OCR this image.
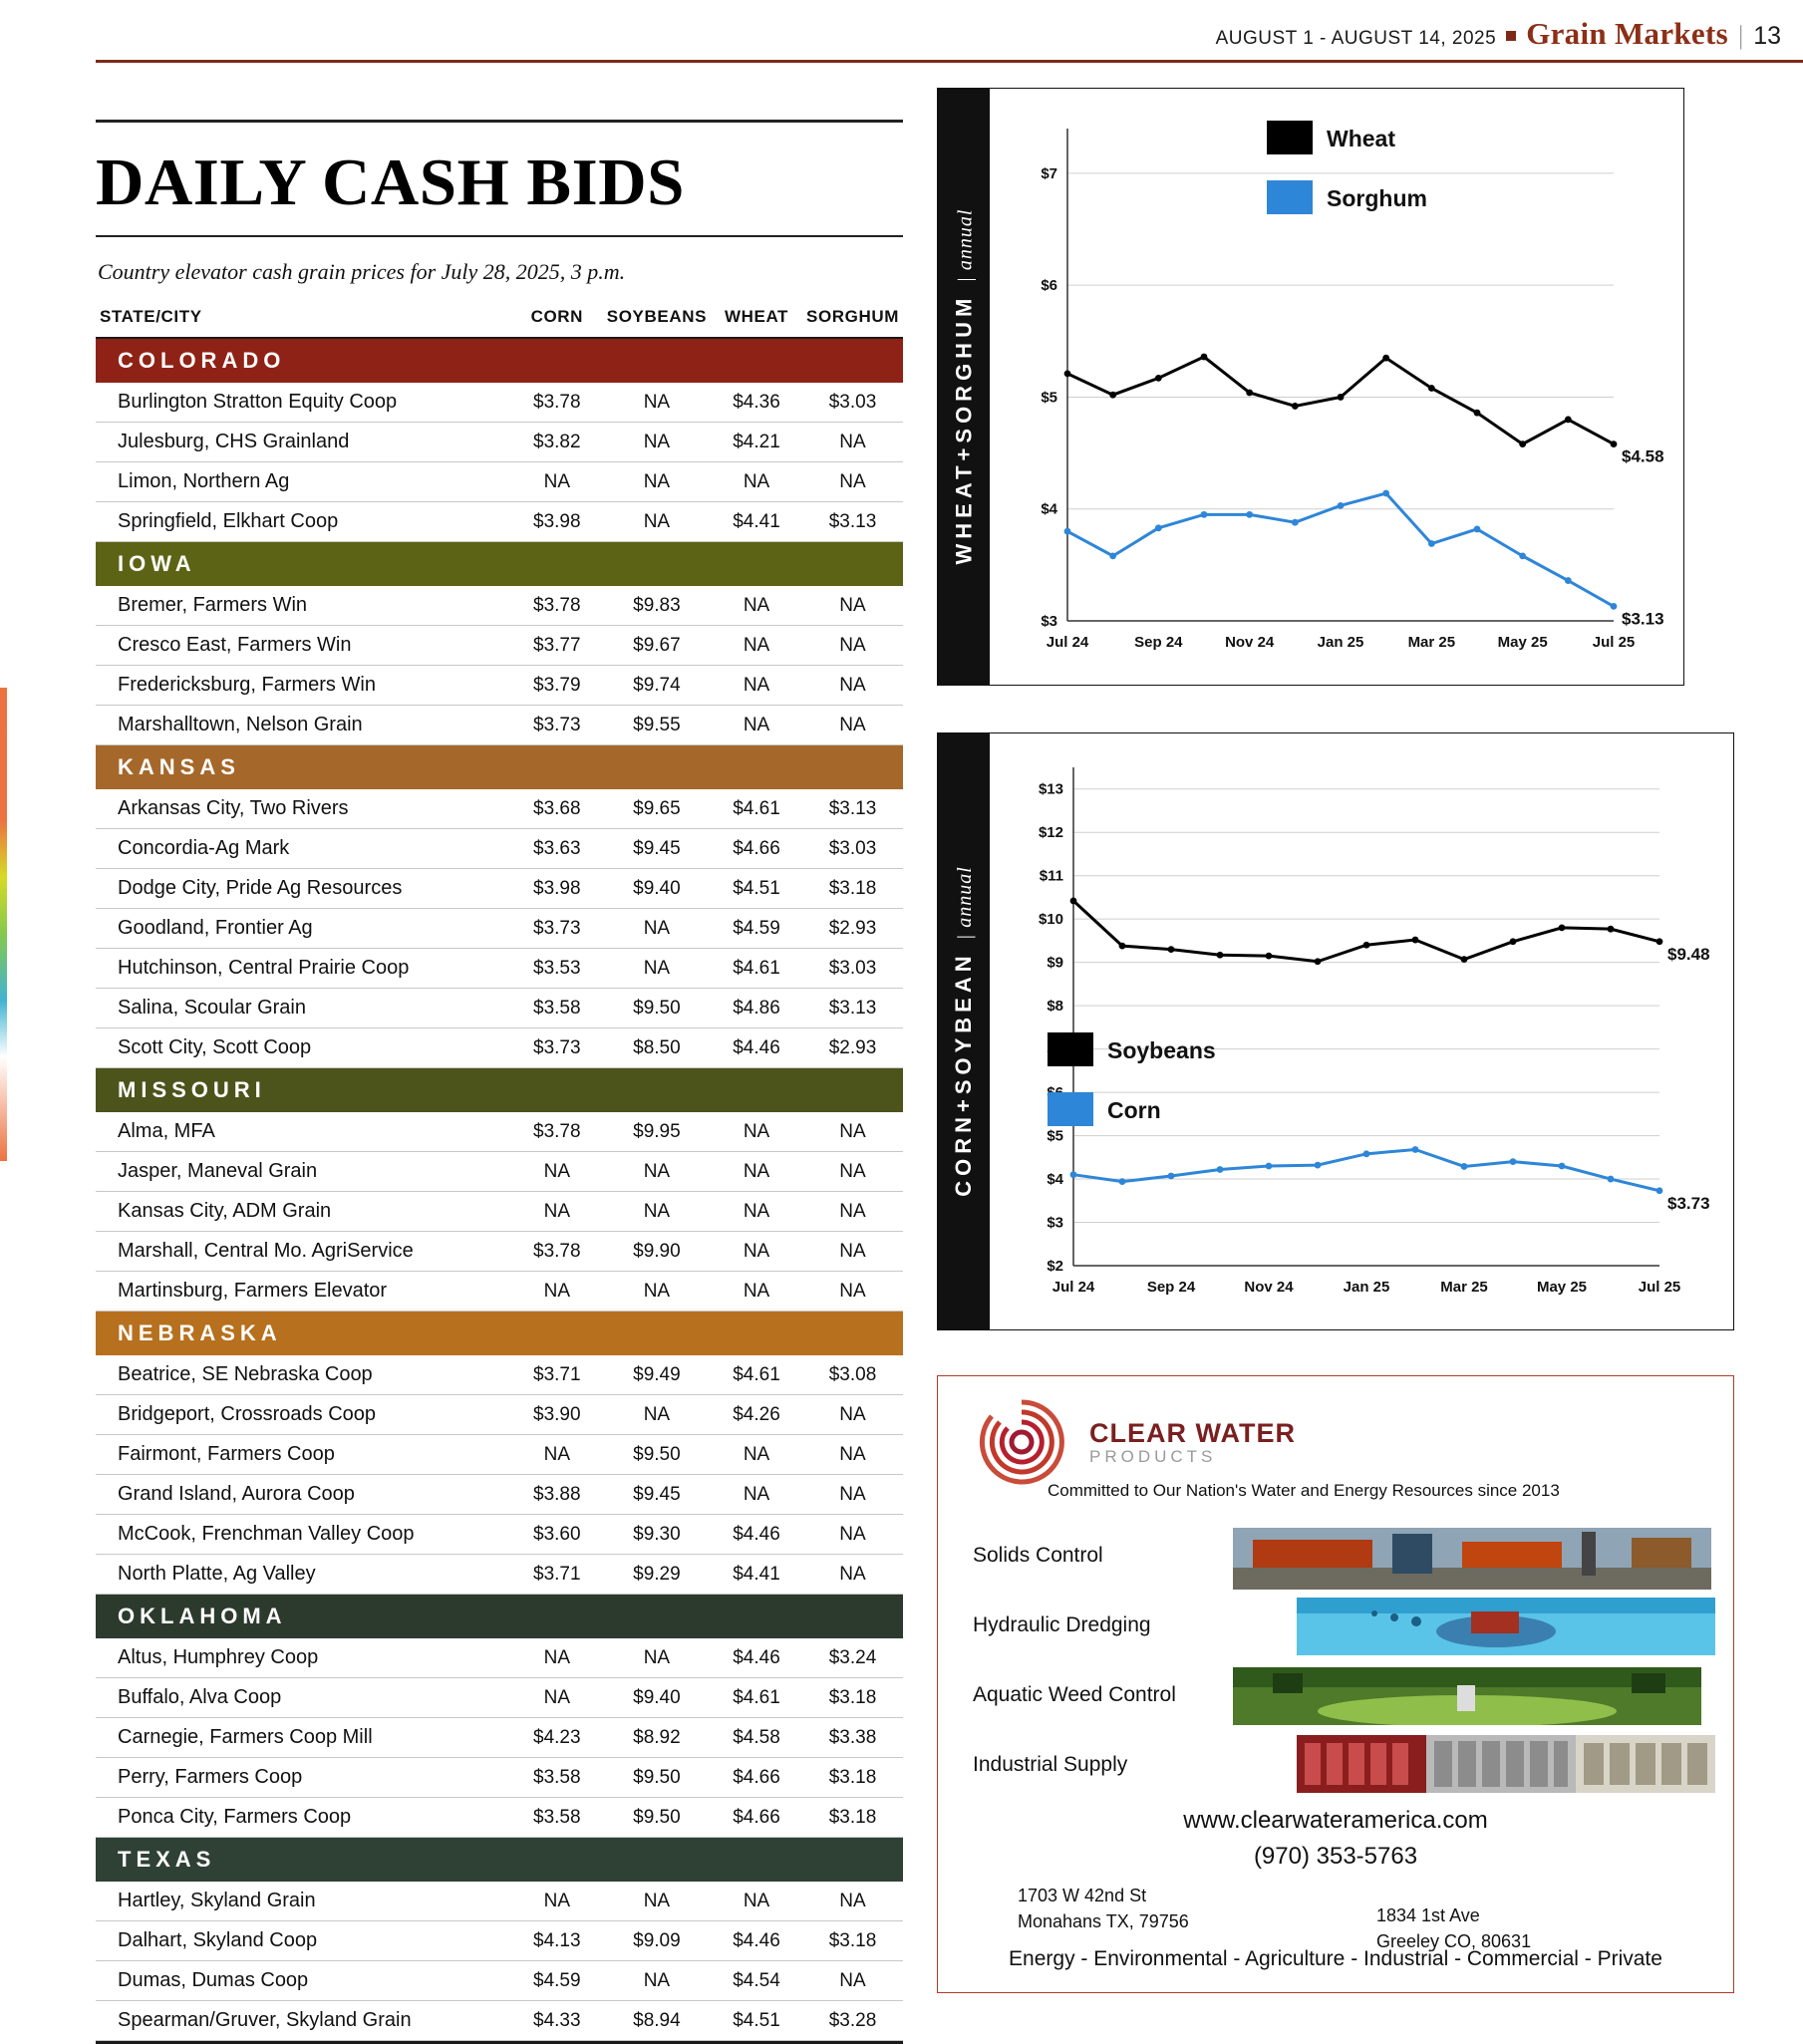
AUGUST 1 - AUGUST 14, 2025 Grain Markets | 13
DAILY CASH BIDS
Country elevator cash grain prices for July 28, 2025, 3 p.m.
STATE/CITY	CORN	SOYBEANS	WHEAT	SORGHUM
COLORADO				
Burlington Stratton Equity Coop	$3.78	NA	$4.36	$3.03
Julesburg, CHS Grainland	$3.82	NA	$4.21	NA
Limon, Northern Ag	NA	NA	NA	NA
Springfield, Elkhart Coop	$3.98	NA	$4.41	$3.13
IOWA				
Bremer, Farmers Win	$3.78	$9.83	NA	NA
Cresco East, Farmers Win	$3.77	$9.67	NA	NA
Fredericksburg, Farmers Win	$3.79	$9.74	NA	NA
Marshalltown, Nelson Grain	$3.73	$9.55	NA	NA
KANSAS				
Arkansas City, Two Rivers	$3.68	$9.65	$4.61	$3.13
Concordia-Ag Mark	$3.63	$9.45	$4.66	$3.03
Dodge City, Pride Ag Resources	$3.98	$9.40	$4.51	$3.18
Goodland, Frontier Ag	$3.73	NA	$4.59	$2.93
Hutchinson, Central Prairie Coop	$3.53	NA	$4.61	$3.03
Salina, Scoular Grain	$3.58	$9.50	$4.86	$3.13
Scott City, Scott Coop	$3.73	$8.50	$4.46	$2.93
MISSOURI				
Alma, MFA	$3.78	$9.95	NA	NA
Jasper, Maneval Grain	NA	NA	NA	NA
Kansas City, ADM Grain	NA	NA	NA	NA
Marshall, Central Mo. AgriService	$3.78	$9.90	NA	NA
Martinsburg, Farmers Elevator	NA	NA	NA	NA
NEBRASKA				
Beatrice, SE Nebraska Coop	$3.71	$9.49	$4.61	$3.08
Bridgeport, Crossroads Coop	$3.90	NA	$4.26	NA
Fairmont, Farmers Coop	NA	$9.50	NA	NA
Grand Island, Aurora Coop	$3.88	$9.45	NA	NA
McCook, Frenchman Valley Coop	$3.60	$9.30	$4.46	NA
North Platte, Ag Valley	$3.71	$9.29	$4.41	NA
OKLAHOMA				
Altus, Humphrey Coop	NA	NA	$4.46	$3.24
Buffalo, Alva Coop	NA	$9.40	$4.61	$3.18
Carnegie, Farmers Coop Mill	$4.23	$8.92	$4.58	$3.38
Perry, Farmers Coop	$3.58	$9.50	$4.66	$3.18
Ponca City, Farmers Coop	$3.58	$9.50	$4.66	$3.18
TEXAS				
Hartley, Skyland Grain	NA	NA	NA	NA
Dalhart, Skyland Coop	$4.13	$9.09	$4.46	$3.18
Dumas, Dumas Coop	$4.59	NA	$4.54	NA
Spearman/Gruver, Skyland Grain	$4.33	$8.94	$4.51	$3.28
WHEAT+SORGHUM | annual
$3
$4
$5
$6
$7
Jul 24	Sep 24	Nov 24	Jan 25	Mar 25	May 25	Jul 25
$4.58
$3.13
Wheat
Sorghum
CORN+SOYBEAN | annual
$2
$3
$4
$5
$8
$9
$10
$11
$12
$13
Jul 24	Sep 24	Nov 24	Jan 25	Mar 25	May 25	Jul 25
$9.48
$3.73
Soybeans
Corn
CLEAR WATER
PRODUCTS
Committed to Our Nation's Water and Energy Resources since 2013
Solids Control
Hydraulic Dredging
Aquatic Weed Control
Industrial Supply
www.clearwateramerica.com
(970) 353-5763
1703 W 42nd St
Monahans TX, 79756	1834 1st Ave
Greeley CO, 80631
Energy - Environmental - Agriculture - Industrial - Commercial - Private
